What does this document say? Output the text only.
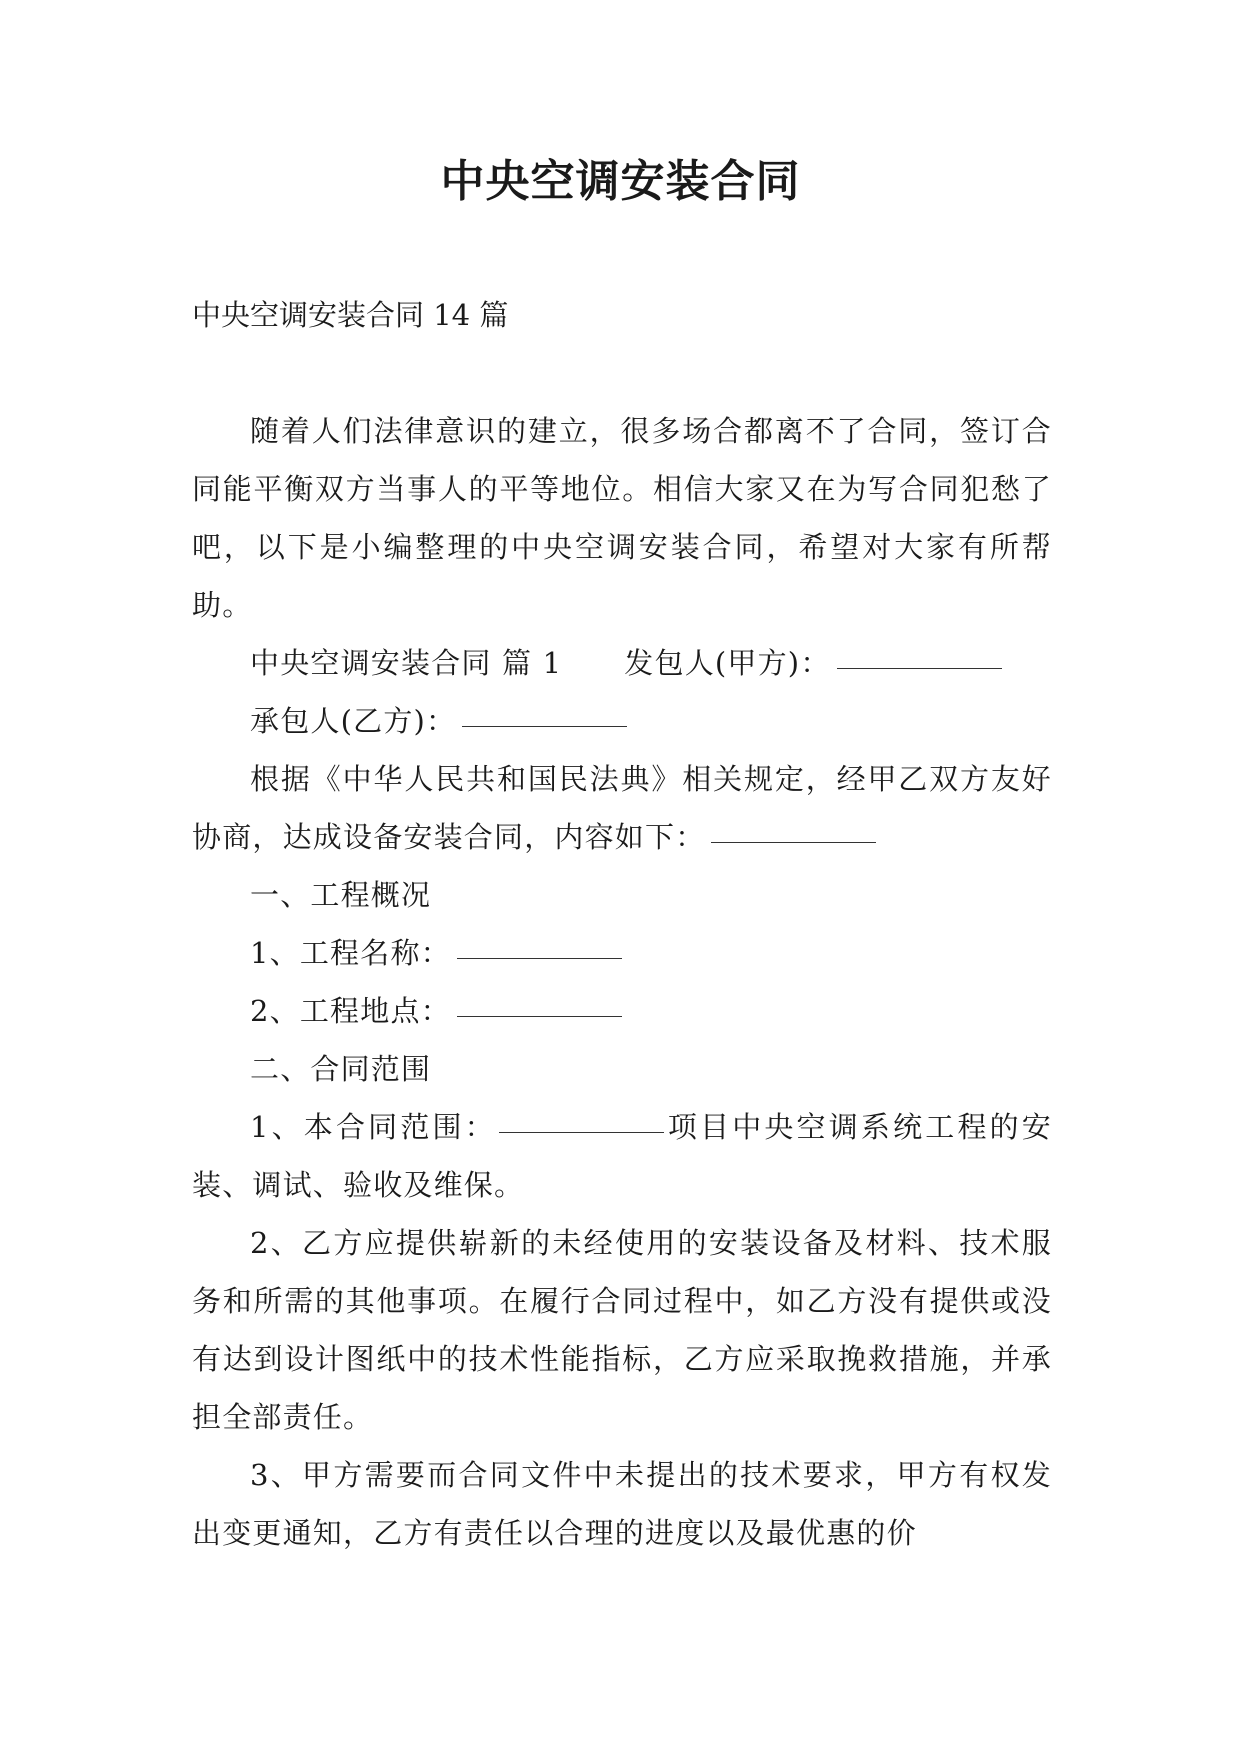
中央空调安装合同

中央空调安装合同 14 篇

随着人们法律意识的建立，很多场合都离不了合同，签订合同能平衡双方当事人的平等地位。相信大家又在为写合同犯愁了吧，以下是小编整理的中央空调安装合同，希望对大家有所帮助。

中央空调安装合同 篇 1 发包人(甲方)：

承包人(乙方)：

根据《中华人民共和国民法典》相关规定，经甲乙双方友好协商，达成设备安装合同，内容如下：

一、工程概况

1、工程名称：

2、工程地点：

二、合同范围

1、本合同范围：	项目中央空调系统工程的安装、调试、验收及维保。

2、乙方应提供崭新的未经使用的安装设备及材料、技术服务和所需的其他事项。在履行合同过程中，如乙方没有提供或没有达到设计图纸中的技术性能指标，乙方应采取挽救措施，并承担全部责任。

3、甲方需要而合同文件中未提出的技术要求，甲方有权发出变更通知，乙方有责任以合理的进度以及最优惠的价
